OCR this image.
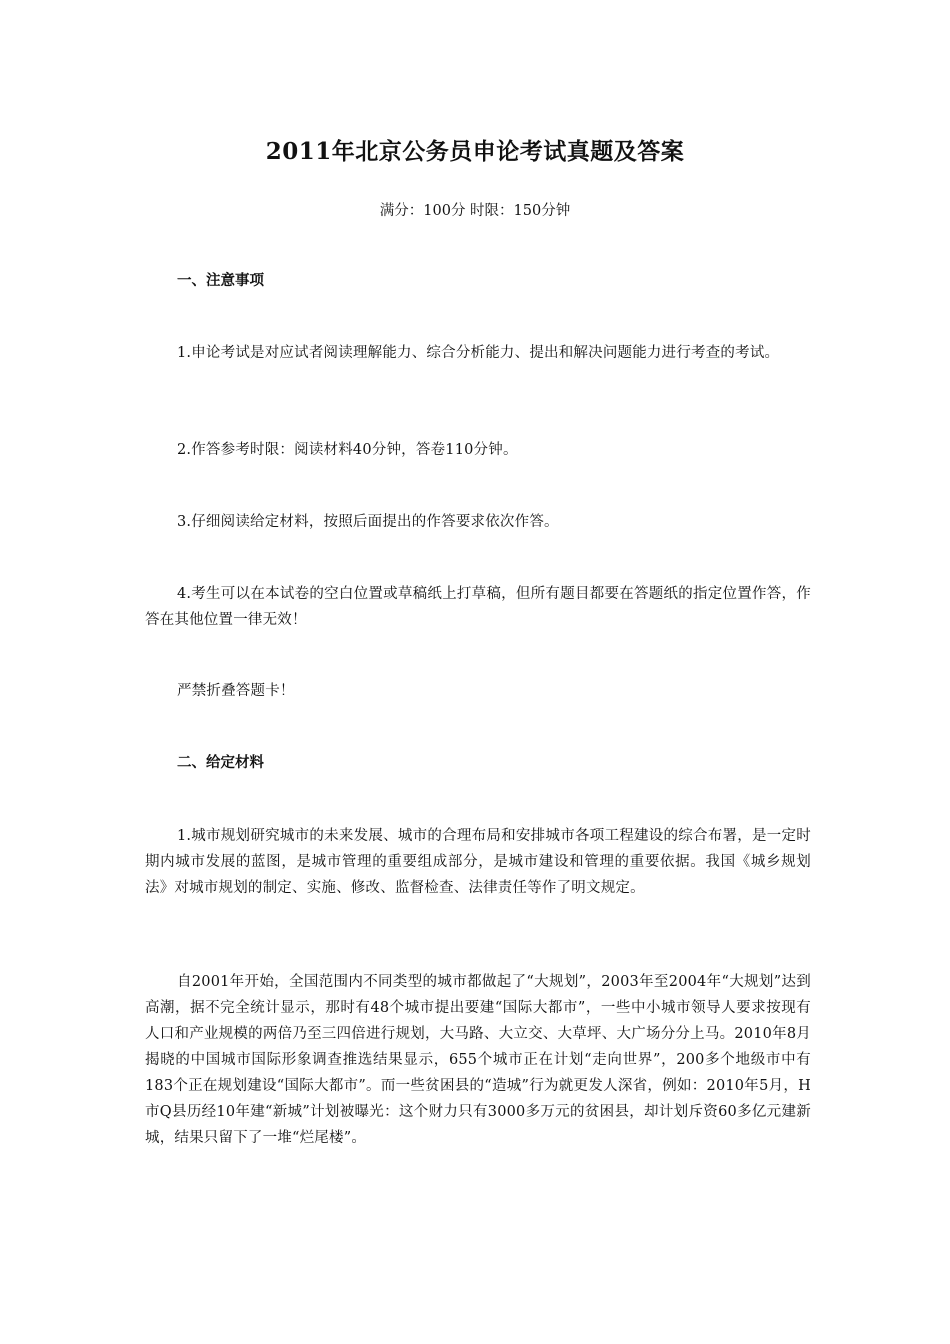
2011年北京公务员申论考试真题及答案
满分：100分 时限：150分钟
一、注意事项
1.申论考试是对应试者阅读理解能力、综合分析能力、提出和解决问题能力进行考查的考试。
2.作答参考时限：阅读材料40分钟，答卷110分钟。
3.仔细阅读给定材料，按照后面提出的作答要求依次作答。
4.考生可以在本试卷的空白位置或草稿纸上打草稿，但所有题目都要在答题纸的指定位置作答，作答在其他位置一律无效！
严禁折叠答题卡！
二、给定材料
1.城市规划研究城市的未来发展、城市的合理布局和安排城市各项工程建设的综合布署，是一定时期内城市发展的蓝图，是城市管理的重要组成部分，是城市建设和管理的重要依据。我国《城乡规划法》对城市规划的制定、实施、修改、监督检查、法律责任等作了明文规定。
自2001年开始，全国范围内不同类型的城市都做起了“大规划”，2003年至2004年“大规划”达到高潮，据不完全统计显示，那时有48个城市提出要建“国际大都市”，一些中小城市领导人要求按现有人口和产业规模的两倍乃至三四倍进行规划，大马路、大立交、大草坪、大广场分分上马。2010年8月揭晓的中国城市国际形象调查推选结果显示，655个城市正在计划“走向世界”，200多个地级市中有183个正在规划建设“国际大都市”。而一些贫困县的“造城”行为就更发人深省，例如：2010年5月，H市Q县历经10年建“新城”计划被曝光：这个财力只有3000多万元的贫困县，却计划斥资60多亿元建新城，结果只留下了一堆“烂尾楼”。
